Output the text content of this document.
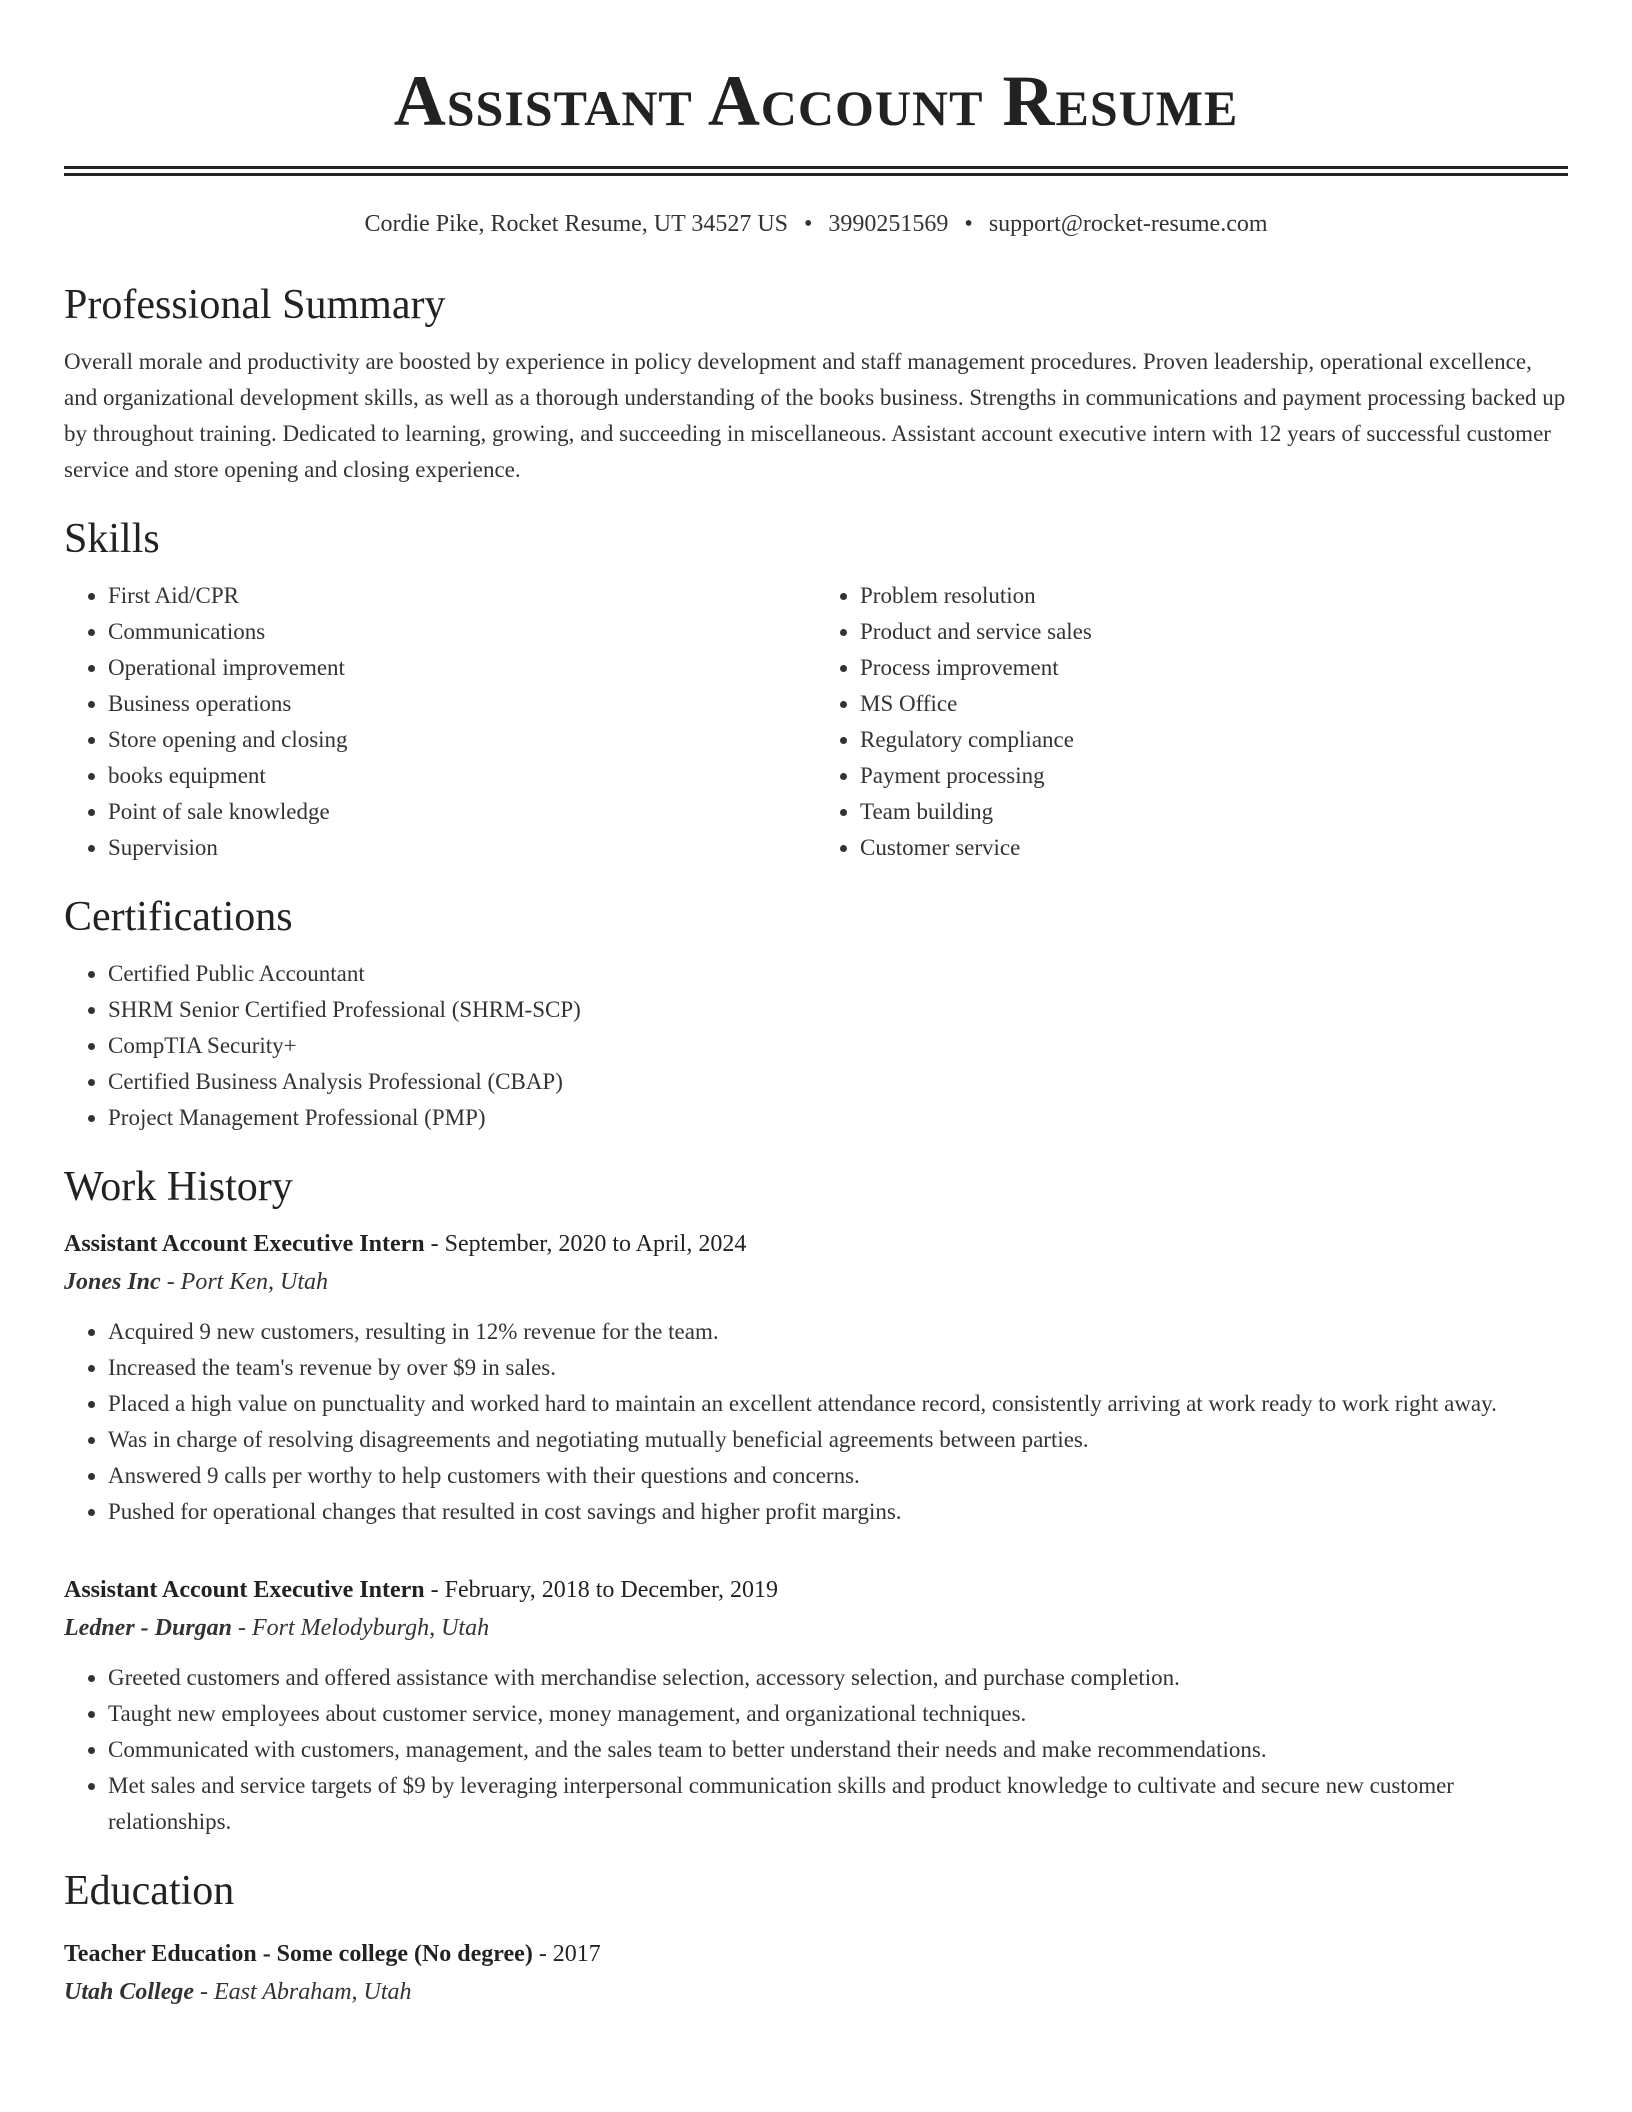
Assistant Account Resume
Cordie Pike, Rocket Resume, UT 34527 US • 3990251569 • support@rocket-resume.com
Professional Summary
Overall morale and productivity are boosted by experience in policy development and staff management procedures. Proven leadership, operational excellence, and organizational development skills, as well as a thorough understanding of the books business. Strengths in communications and payment processing backed up by throughout training. Dedicated to learning, growing, and succeeding in miscellaneous. Assistant account executive intern with 12 years of successful customer service and store opening and closing experience.
Skills
• First Aid/CPR
• Communications
• Operational improvement
• Business operations
• Store opening and closing
• books equipment
• Point of sale knowledge
• Supervision
• Problem resolution
• Product and service sales
• Process improvement
• MS Office
• Regulatory compliance
• Payment processing
• Team building
• Customer service
Certifications
• Certified Public Accountant
• SHRM Senior Certified Professional (SHRM-SCP)
• CompTIA Security+
• Certified Business Analysis Professional (CBAP)
• Project Management Professional (PMP)
Work History
Assistant Account Executive Intern - September, 2020 to April, 2024
Jones Inc - Port Ken, Utah
• Acquired 9 new customers, resulting in 12% revenue for the team.
• Increased the team's revenue by over $9 in sales.
• Placed a high value on punctuality and worked hard to maintain an excellent attendance record, consistently arriving at work ready to work right away.
• Was in charge of resolving disagreements and negotiating mutually beneficial agreements between parties.
• Answered 9 calls per worthy to help customers with their questions and concerns.
• Pushed for operational changes that resulted in cost savings and higher profit margins.
Assistant Account Executive Intern - February, 2018 to December, 2019
Ledner - Durgan - Fort Melodyburgh, Utah
• Greeted customers and offered assistance with merchandise selection, accessory selection, and purchase completion.
• Taught new employees about customer service, money management, and organizational techniques.
• Communicated with customers, management, and the sales team to better understand their needs and make recommendations.
• Met sales and service targets of $9 by leveraging interpersonal communication skills and product knowledge to cultivate and secure new customer relationships.
Education
Teacher Education - Some college (No degree) - 2017
Utah College - East Abraham, Utah
